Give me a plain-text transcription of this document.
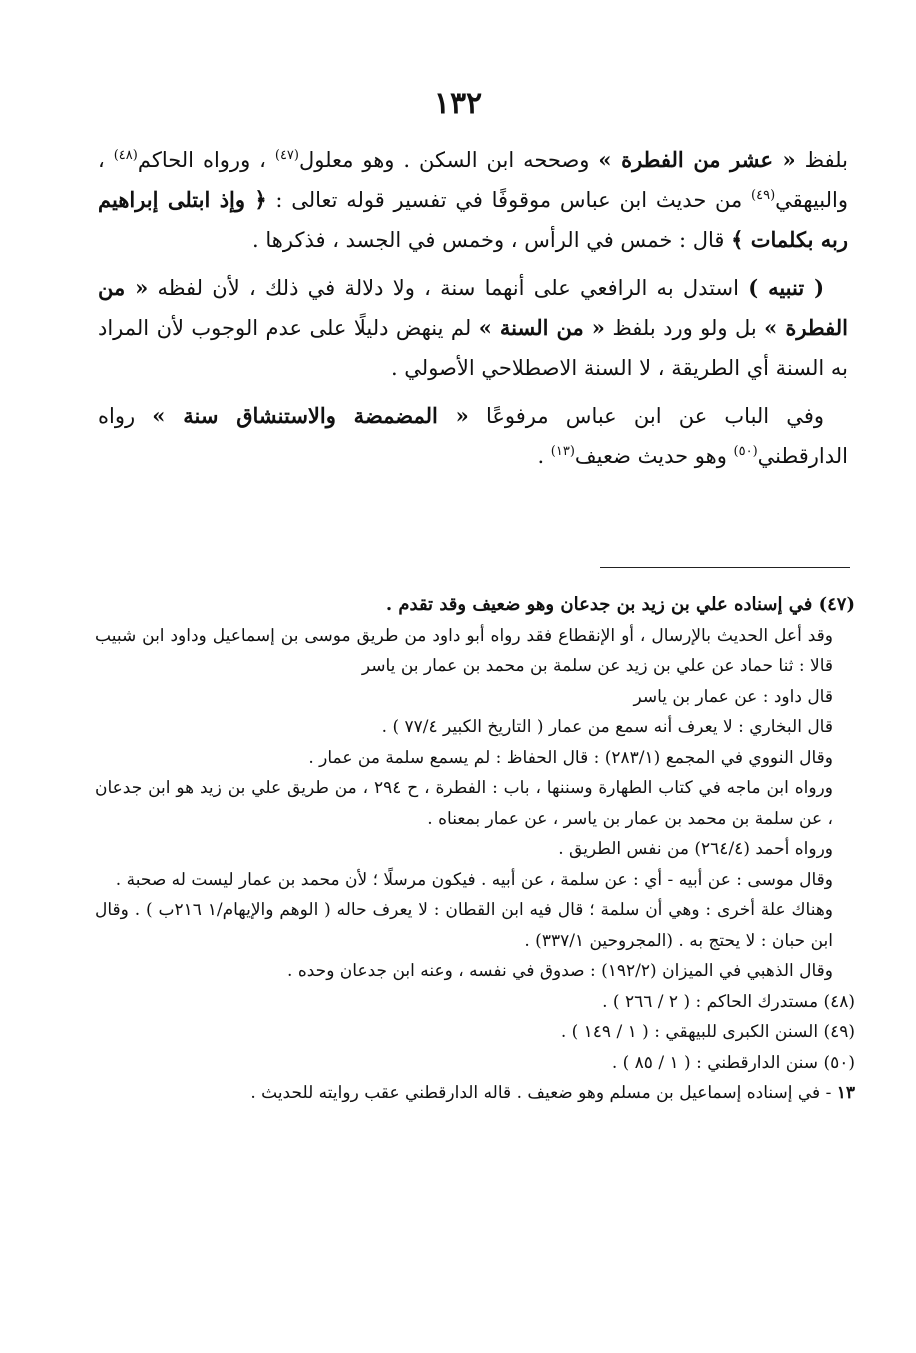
١٣٢

بلفظ « عشر من الفطرة » وصححه ابن السكن . وهو معلول$^{(٤٧)}$ ، ورواه الحاكم$^{(٤٨)}$ ، والبيهقي$^{(٤٩)}$ من حديث ابن عباس موقوفًا في تفسير قوله تعالى : ﴿ وإذ ابتلى إبراهيم ربه بكلمات ﴾ قال : خمس في الرأس ، وخمس في الجسد ، فذكرها .

( تنبيه ) استدل به الرافعي على أنهما سنة ، ولا دلالة في ذلك ، لأن لفظه « من الفطرة » بل ولو ورد بلفظ « من السنة » لم ينهض دليلًا على عدم الوجوب لأن المراد به السنة أي الطريقة ، لا السنة الاصطلاحي الأصولي .

وفي الباب عن ابن عباس مرفوعًا « المضمضة والاستنشاق سنة » رواه الدارقطني$^{(٥٠)}$ وهو حديث ضعيف$^{(١٣)}$ .

(٤٧) في إسناده علي بن زيد بن جدعان وهو ضعيف وقد تقدم .

وقد أعل الحديث بالإرسال ، أو الإنقطاع فقد رواه أبو داود من طريق موسى بن إسماعيل وداود ابن شبيب قالا : ثنا حماد عن علي بن زيد عن سلمة بن محمد بن عمار بن ياسر

قال داود : عن عمار بن ياسر

قال البخاري : لا يعرف أنه سمع من عمار ( التاريخ الكبير ٧٧/٤ ) .

وقال النووي في المجمع (٢٨٣/١) : قال الحفاظ : لم يسمع سلمة من عمار .

ورواه ابن ماجه في كتاب الطهارة وسننها ، باب : الفطرة ، ح ٢٩٤ ، من طريق علي بن زيد هو ابن جدعان ، عن سلمة بن محمد بن عمار بن ياسر ، عن عمار بمعناه .

ورواه أحمد (٢٦٤/٤) من نفس الطريق .

وقال موسى : عن أبيه - أي : عن سلمة ، عن أبيه . فيكون مرسلًا ؛ لأن محمد بن عمار ليست له صحبة .

وهناك علة أخرى : وهي أن سلمة ؛ قال فيه ابن القطان : لا يعرف حاله ( الوهم والإيهام/١ ٢١٦ب ) . وقال ابن حبان : لا يحتج به . (المجروحين ٣٣٧/١) .

وقال الذهبي في الميزان (١٩٢/٢) : صدوق في نفسه ، وعنه ابن جدعان وحده .

(٤٨) مستدرك الحاكم : ( ٢ / ٢٦٦ ) .

(٤٩) السنن الكبرى للبيهقي : ( ١ / ١٤٩ ) .

(٥٠) سنن الدارقطني : ( ١ / ٨٥ ) .

١٣ - في إسناده إسماعيل بن مسلم وهو ضعيف . قاله الدارقطني عقب روايته للحديث .
